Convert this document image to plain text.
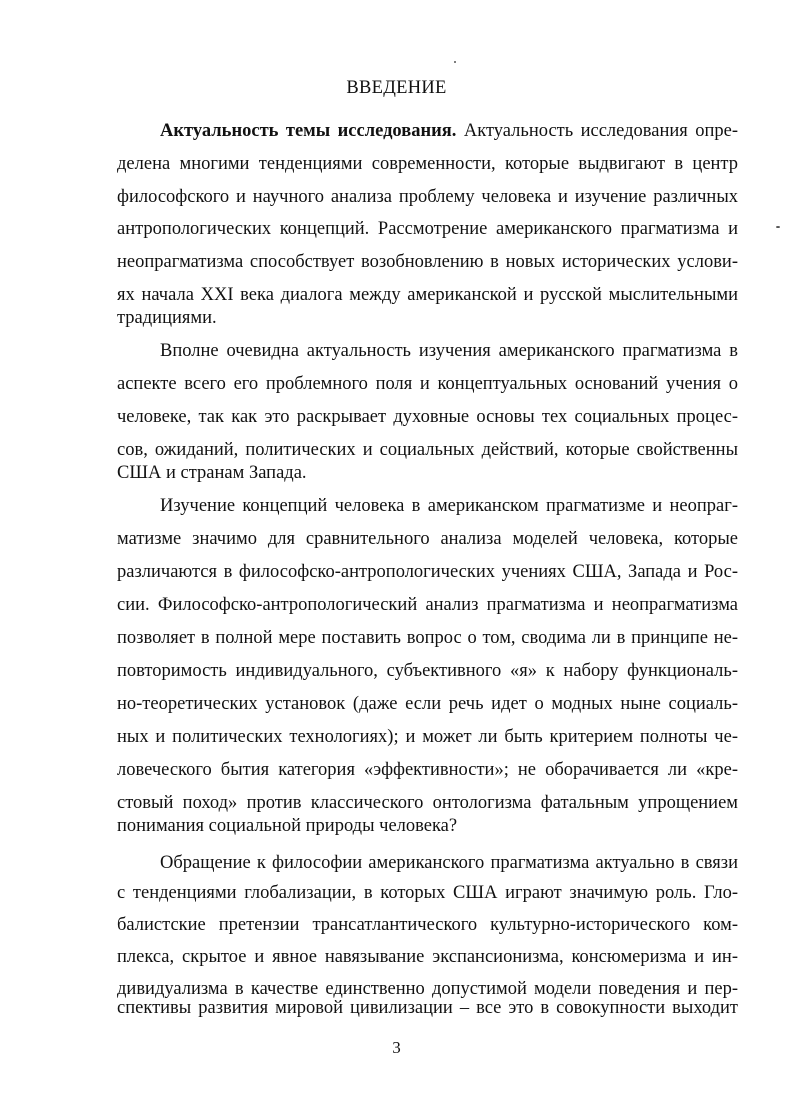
ВВЕДЕНИЕ
Актуальность темы исследования. Актуальность исследования опре-
делена многими тенденциями современности, которые выдвигают в центр
философского и научного анализа проблему человека и изучение различных
антропологических концепций. Рассмотрение американского прагматизма и
неопрагматизма способствует возобновлению в новых исторических услови-
ях начала XXI века диалога между американской и русской мыслительными
традициями.
Вполне очевидна актуальность изучения американского прагматизма в
аспекте всего его проблемного поля и концептуальных оснований учения о
человеке, так как это раскрывает духовные основы тех социальных процес-
сов, ожиданий, политических и социальных действий, которые свойственны
США и странам Запада.
Изучение концепций человека в американском прагматизме и неопраг-
матизме значимо для сравнительного анализа моделей человека, которые
различаются в философско-антропологических учениях США, Запада и Рос-
сии. Философско-антропологический анализ прагматизма и неопрагматизма
позволяет в полной мере поставить вопрос о том, сводима ли в принципе не-
повторимость индивидуального, субъективного «я» к набору функциональ-
но-теоретических установок (даже если речь идет о модных ныне социаль-
ных и политических технологиях); и может ли быть критерием полноты че-
ловеческого бытия категория «эффективности»; не оборачивается ли «кре-
стовый поход» против классического онтологизма фатальным упрощением
понимания социальной природы человека?
Обращение к философии американского прагматизма актуально в связи
с тенденциями глобализации, в которых США играют значимую роль. Гло-
балистские претензии трансатлантического культурно-исторического ком-
плекса, скрытое и явное навязывание экспансионизма, консюмеризма и ин-
дивидуализма в качестве единственно допустимой модели поведения и пер-
спективы развития мировой цивилизации – все это в совокупности выходит
3
